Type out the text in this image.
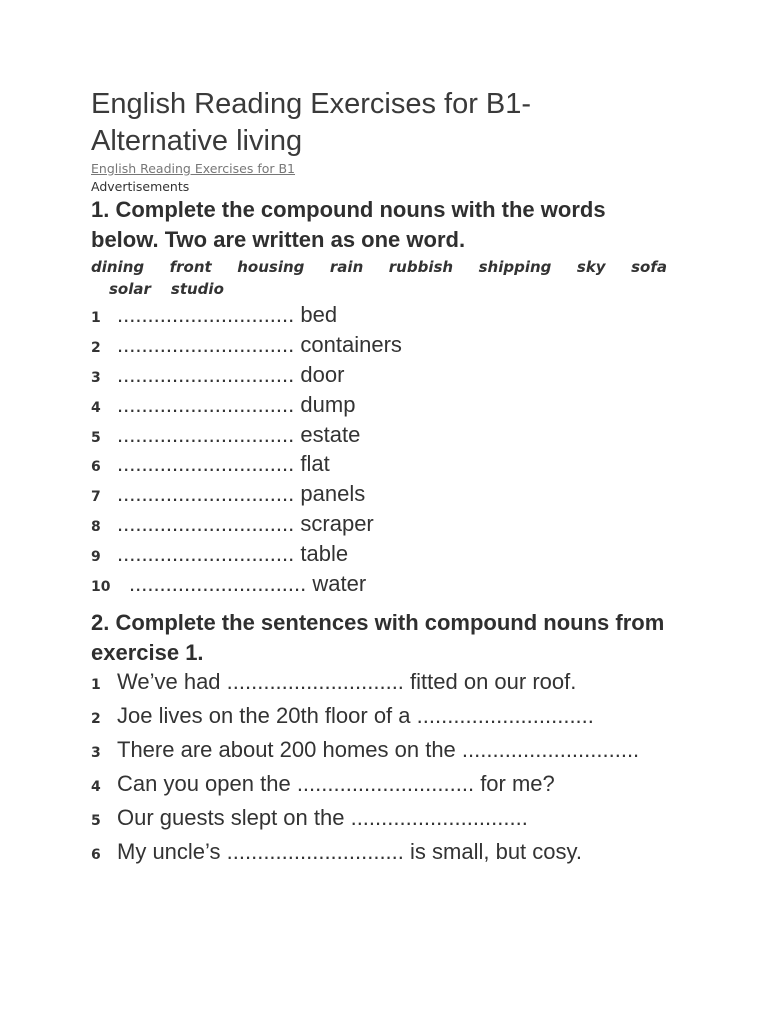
English Reading Exercises for B1- Alternative living
English Reading Exercises for B1
Advertisements
1. Complete the compound nouns with the words below. Two are written as one word.
dining front housing rain rubbish shipping sky sofa
solar studio
1 ............................. bed
2 ............................. containers
3 ............................. door
4 ............................. dump
5 ............................. estate
6 ............................. flat
7 ............................. panels
8 ............................. scraper
9 ............................. table
10 ............................. water
2. Complete the sentences with compound nouns from exercise 1.
1 We’ve had ............................. fitted on our roof.
2 Joe lives on the 20th floor of a .............................
3 There are about 200 homes on the .............................
4 Can you open the ............................. for me?
5 Our guests slept on the .............................
6 My uncle’s ............................. is small, but cosy.
